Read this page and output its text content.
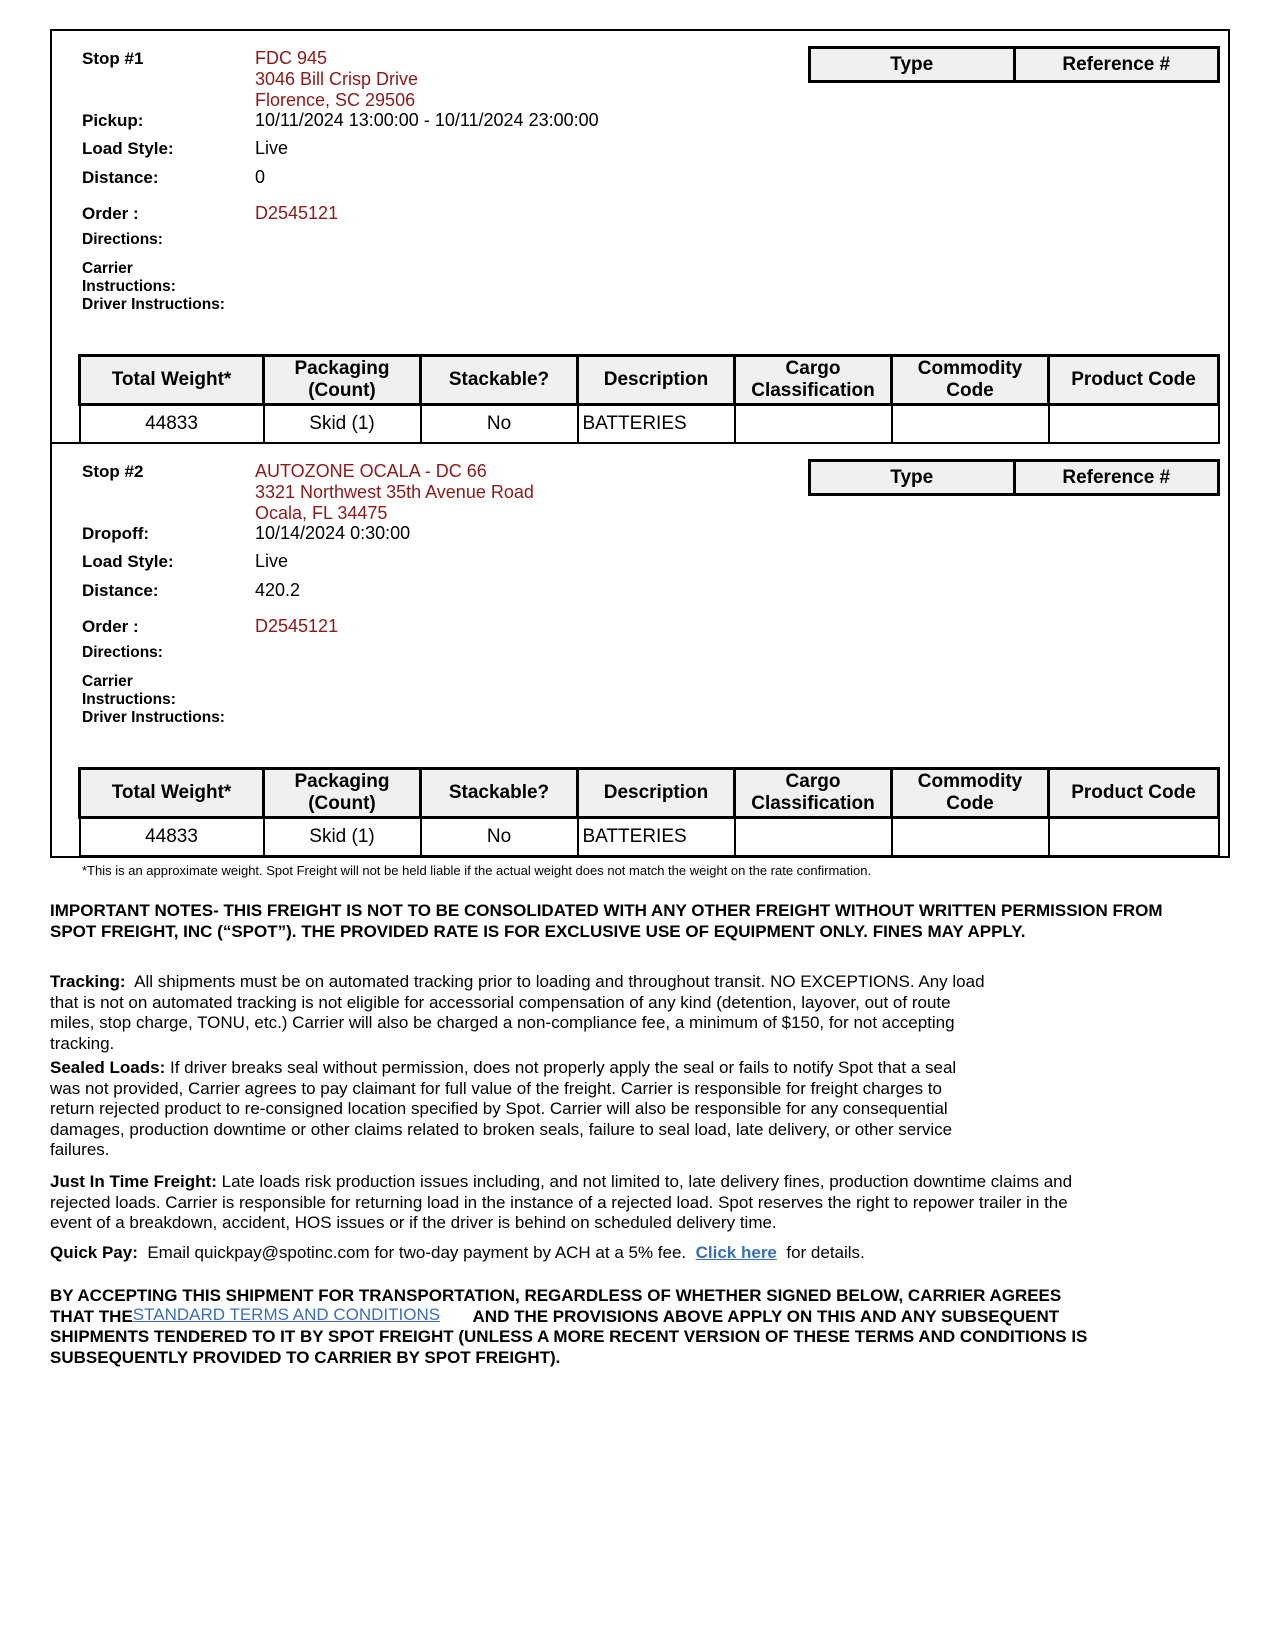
Stop #1	FDC 945
3046 Bill Crisp Drive
Florence, SC 29506
Pickup:	10/11/2024 13:00:00 - 10/11/2024 23:00:00
Load Style:	Live
Distance:	0
Order :	D2545121
Directions:
Carrier
Instructions:
Driver Instructions:
Type	Reference #
Total Weight*	Packaging (Count)	Stackable?	Description	Cargo Classification	Commodity Code	Product Code
44833	Skid (1)	No	BATTERIES			
Stop #2	AUTOZONE OCALA - DC 66
3321 Northwest 35th Avenue Road
Ocala, FL 34475
Dropoff:	10/14/2024 0:30:00
Load Style:	Live
Distance:	420.2
Order :	D2545121
Directions:
Carrier
Instructions:
Driver Instructions:
Type	Reference #
Total Weight*	Packaging (Count)	Stackable?	Description	Cargo Classification	Commodity Code	Product Code
44833	Skid (1)	No	BATTERIES			
*This is an approximate weight. Spot Freight will not be held liable if the actual weight does not match the weight on the rate confirmation.
IMPORTANT NOTES- THIS FREIGHT IS NOT TO BE CONSOLIDATED WITH ANY OTHER FREIGHT WITHOUT WRITTEN PERMISSION FROM SPOT FREIGHT, INC (“SPOT”). THE PROVIDED RATE IS FOR EXCLUSIVE USE OF EQUIPMENT ONLY. FINES MAY APPLY.
Tracking: All shipments must be on automated tracking prior to loading and throughout transit. NO EXCEPTIONS. Any load
that is not on automated tracking is not eligible for accessorial compensation of any kind (detention, layover, out of route
miles, stop charge, TONU, etc.) Carrier will also be charged a non-compliance fee, a minimum of $150, for not accepting
tracking.
Sealed Loads: If driver breaks seal without permission, does not properly apply the seal or fails to notify Spot that a seal
was not provided, Carrier agrees to pay claimant for full value of the freight. Carrier is responsible for freight charges to
return rejected product to re-consigned location specified by Spot. Carrier will also be responsible for any consequential
damages, production downtime or other claims related to broken seals, failure to seal load, late delivery, or other service
failures.
Just In Time Freight: Late loads risk production issues including, and not limited to, late delivery fines, production downtime claims and
rejected loads. Carrier is responsible for returning load in the instance of a rejected load. Spot reserves the right to repower trailer in the
event of a breakdown, accident, HOS issues or if the driver is behind on scheduled delivery time.
Quick Pay: Email quickpay@spotinc.com for two-day payment by ACH at a 5% fee. Click here for details.
BY ACCEPTING THIS SHIPMENT FOR TRANSPORTATION, REGARDLESS OF WHETHER SIGNED BELOW, CARRIER AGREES
THAT THESTANDARD TERMS AND CONDITIONS AND THE PROVISIONS ABOVE APPLY ON THIS AND ANY SUBSEQUENT
SHIPMENTS TENDERED TO IT BY SPOT FREIGHT (UNLESS A MORE RECENT VERSION OF THESE TERMS AND CONDITIONS IS
SUBSEQUENTLY PROVIDED TO CARRIER BY SPOT FREIGHT).
